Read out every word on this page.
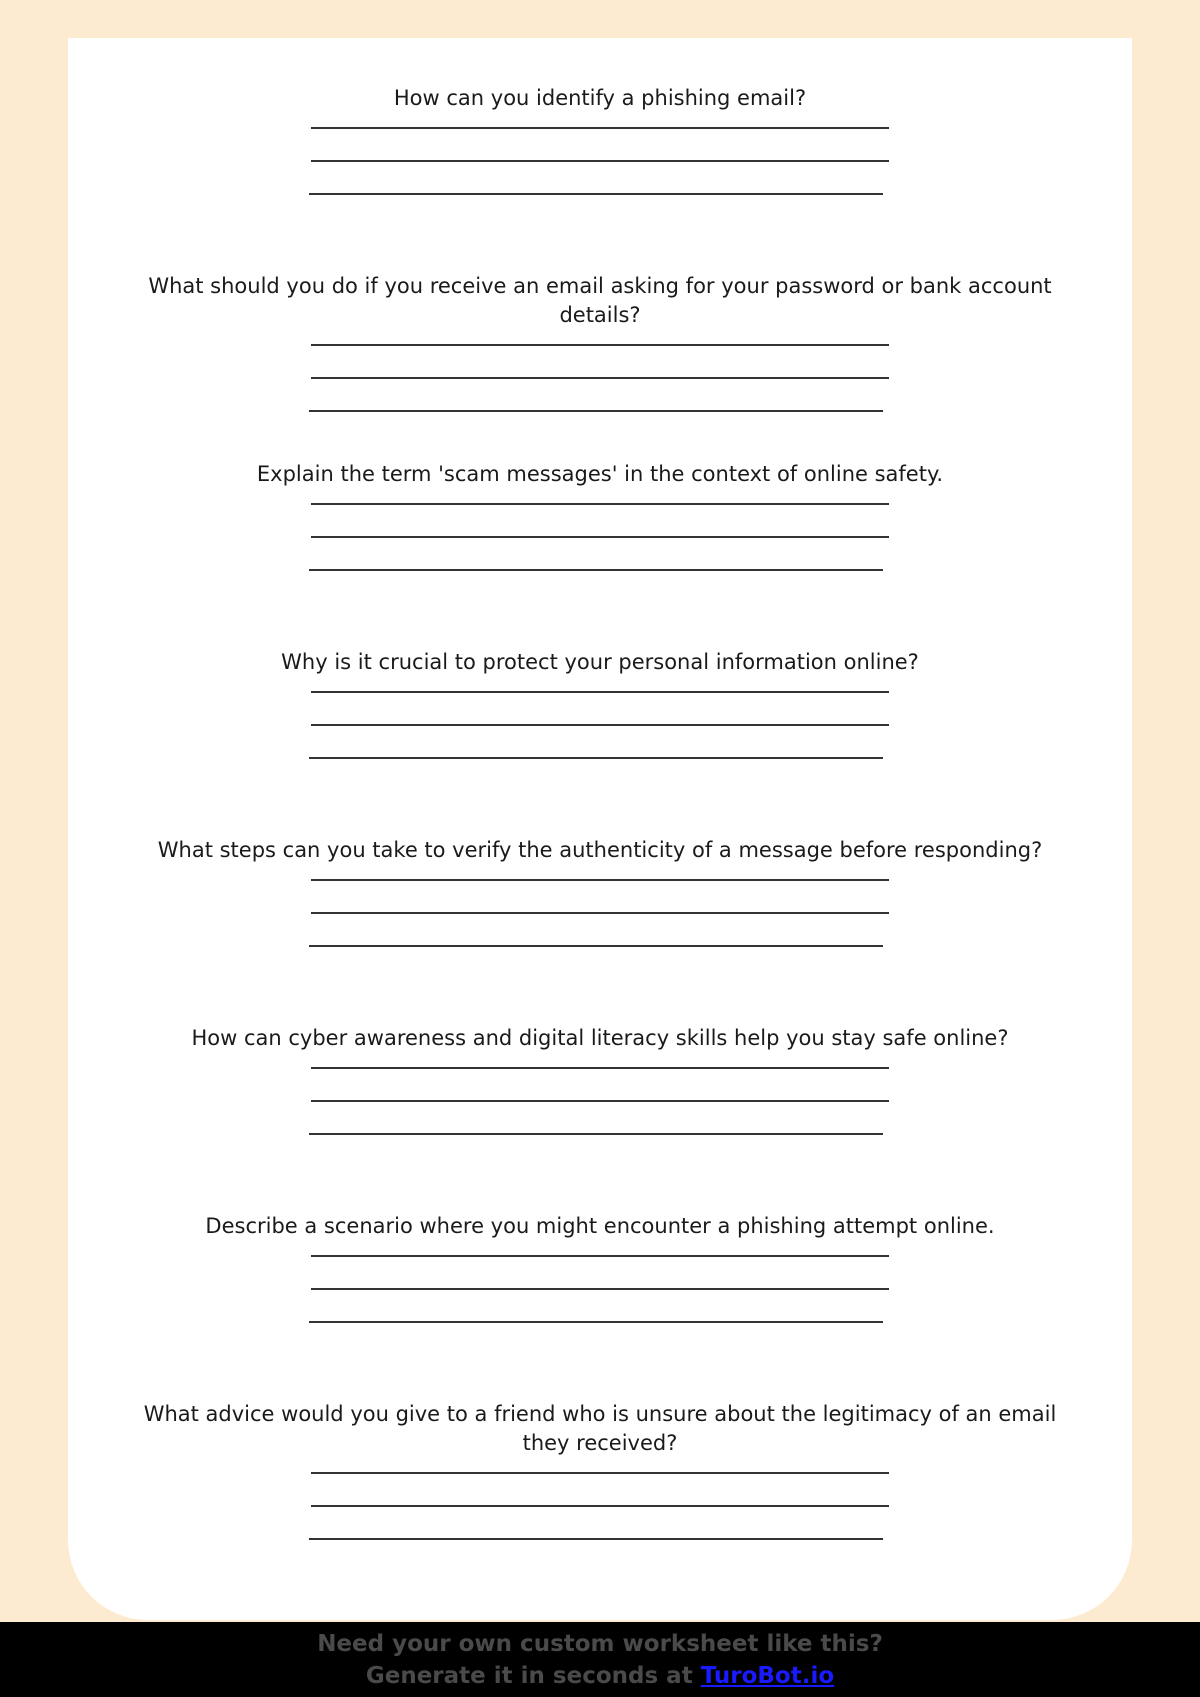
How can you identify a phishing email?
What should you do if you receive an email asking for your password or bank account details?
Explain the term 'scam messages' in the context of online safety.
Why is it crucial to protect your personal information online?
What steps can you take to verify the authenticity of a message before responding?
How can cyber awareness and digital literacy skills help you stay safe online?
Describe a scenario where you might encounter a phishing attempt online.
What advice would you give to a friend who is unsure about the legitimacy of an email they received?
Need your own custom worksheet like this?
Generate it in seconds at TuroBot.io
